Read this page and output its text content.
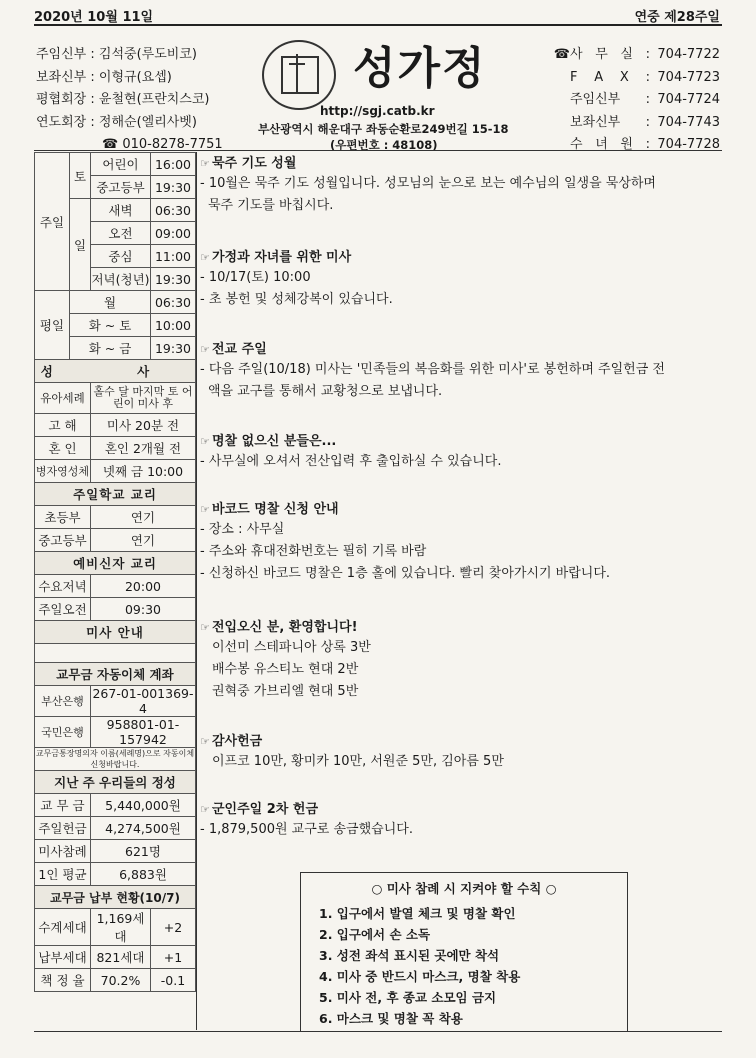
2020년 10월 11일	연중 제28주일
주임신부 : 김석중(루도비코)
보좌신부 : 이형규(요셉)
평협회장 : 윤철현(프란치스코)
연도회장 : 정해순(엘리사벳)
☎ 010-8278-7751
성가정
http://sgj.catb.kr
부산광역시 해운대구 좌동순환로249번길 15-18
(우편번호 : 48108)
☎ 사 무 실 : 704-7722
F A X : 704-7723
주임신부 : 704-7724
보좌신부 : 704-7743
수 녀 원 : 704-7728
주일	토	어린이	16:00
		중고등부	19:30
	일	새벽	06:30
		오전	09:00
		중심	11:00
		저녁(청년)	19:30
평일	월		06:30
	화 ~ 토		10:00
	화 ~ 금		19:30
성 사			
유아세례		홀수 달 마지막 토 어린이 미사 후	
고 해		미사 20분 전	
혼 인		혼인 2개월 전	
병자영성체		넷째 금 10:00	
주일학교 교리			
초등부		연기	
중고등부		연기	
예비신자 교리			
수요저녁		20:00	
주일오전		09:30	
미사 안내			

교무금 자동이체 계좌			
부산은행		267-01-001369-4	
국민은행		958801-01-157942	
교무금통장명의자 이름(세례명)으로 자동이체 신청바랍니다.			
지난 주 우리들의 정성			
교 무 금		5,440,000원	
주일헌금		4,274,500원	
미사참례		621명	
1인 평균		6,883원	
교무금 납부 현황(10/7)			
수계세대		1,169세대	+2
납부세대		821세대	+1
책 정 율		70.2%	-0.1
☞ 묵주 기도 성월

- 10월은 묵주 기도 성월입니다. 성모님의 눈으로 보는 예수님의 일생을 묵상하며

묵주 기도를 바칩시다.

☞ 가정과 자녀를 위한 미사

- 10/17(토) 10:00

- 초 봉헌 및 성체강복이 있습니다.

☞ 전교 주일

- 다음 주일(10/18) 미사는 '민족들의 복음화를 위한 미사'로 봉헌하며 주일헌금 전

액을 교구를 통해서 교황청으로 보냅니다.

☞ 명찰 없으신 분들은...

- 사무실에 오셔서 전산입력 후 출입하실 수 있습니다.

☞ 바코드 명찰 신청 안내

- 장소 : 사무실

- 주소와 휴대전화번호는 필히 기록 바람

- 신청하신 바코드 명찰은 1층 홀에 있습니다. 빨리 찾아가시기 바랍니다.

☞ 전입오신 분, 환영합니다!

이선미 스테파니아 상록 3반

배수봉 유스티노 현대 2반

권혁중 가브리엘 현대 5반

☞ 감사헌금

이프코 10만, 황미카 10만, 서원준 5만, 김아름 5만

☞ 군인주일 2차 헌금

- 1,879,500원 교구로 송금했습니다.

○ 미사 참례 시 지켜야 할 수칙 ○
1. 입구에서 발열 체크 및 명찰 확인
2. 입구에서 손 소독
3. 성전 좌석 표시된 곳에만 착석
4. 미사 중 반드시 마스크, 명찰 착용
5. 미사 전, 후 종교 소모임 금지
6. 마스크 및 명찰 꼭 착용
